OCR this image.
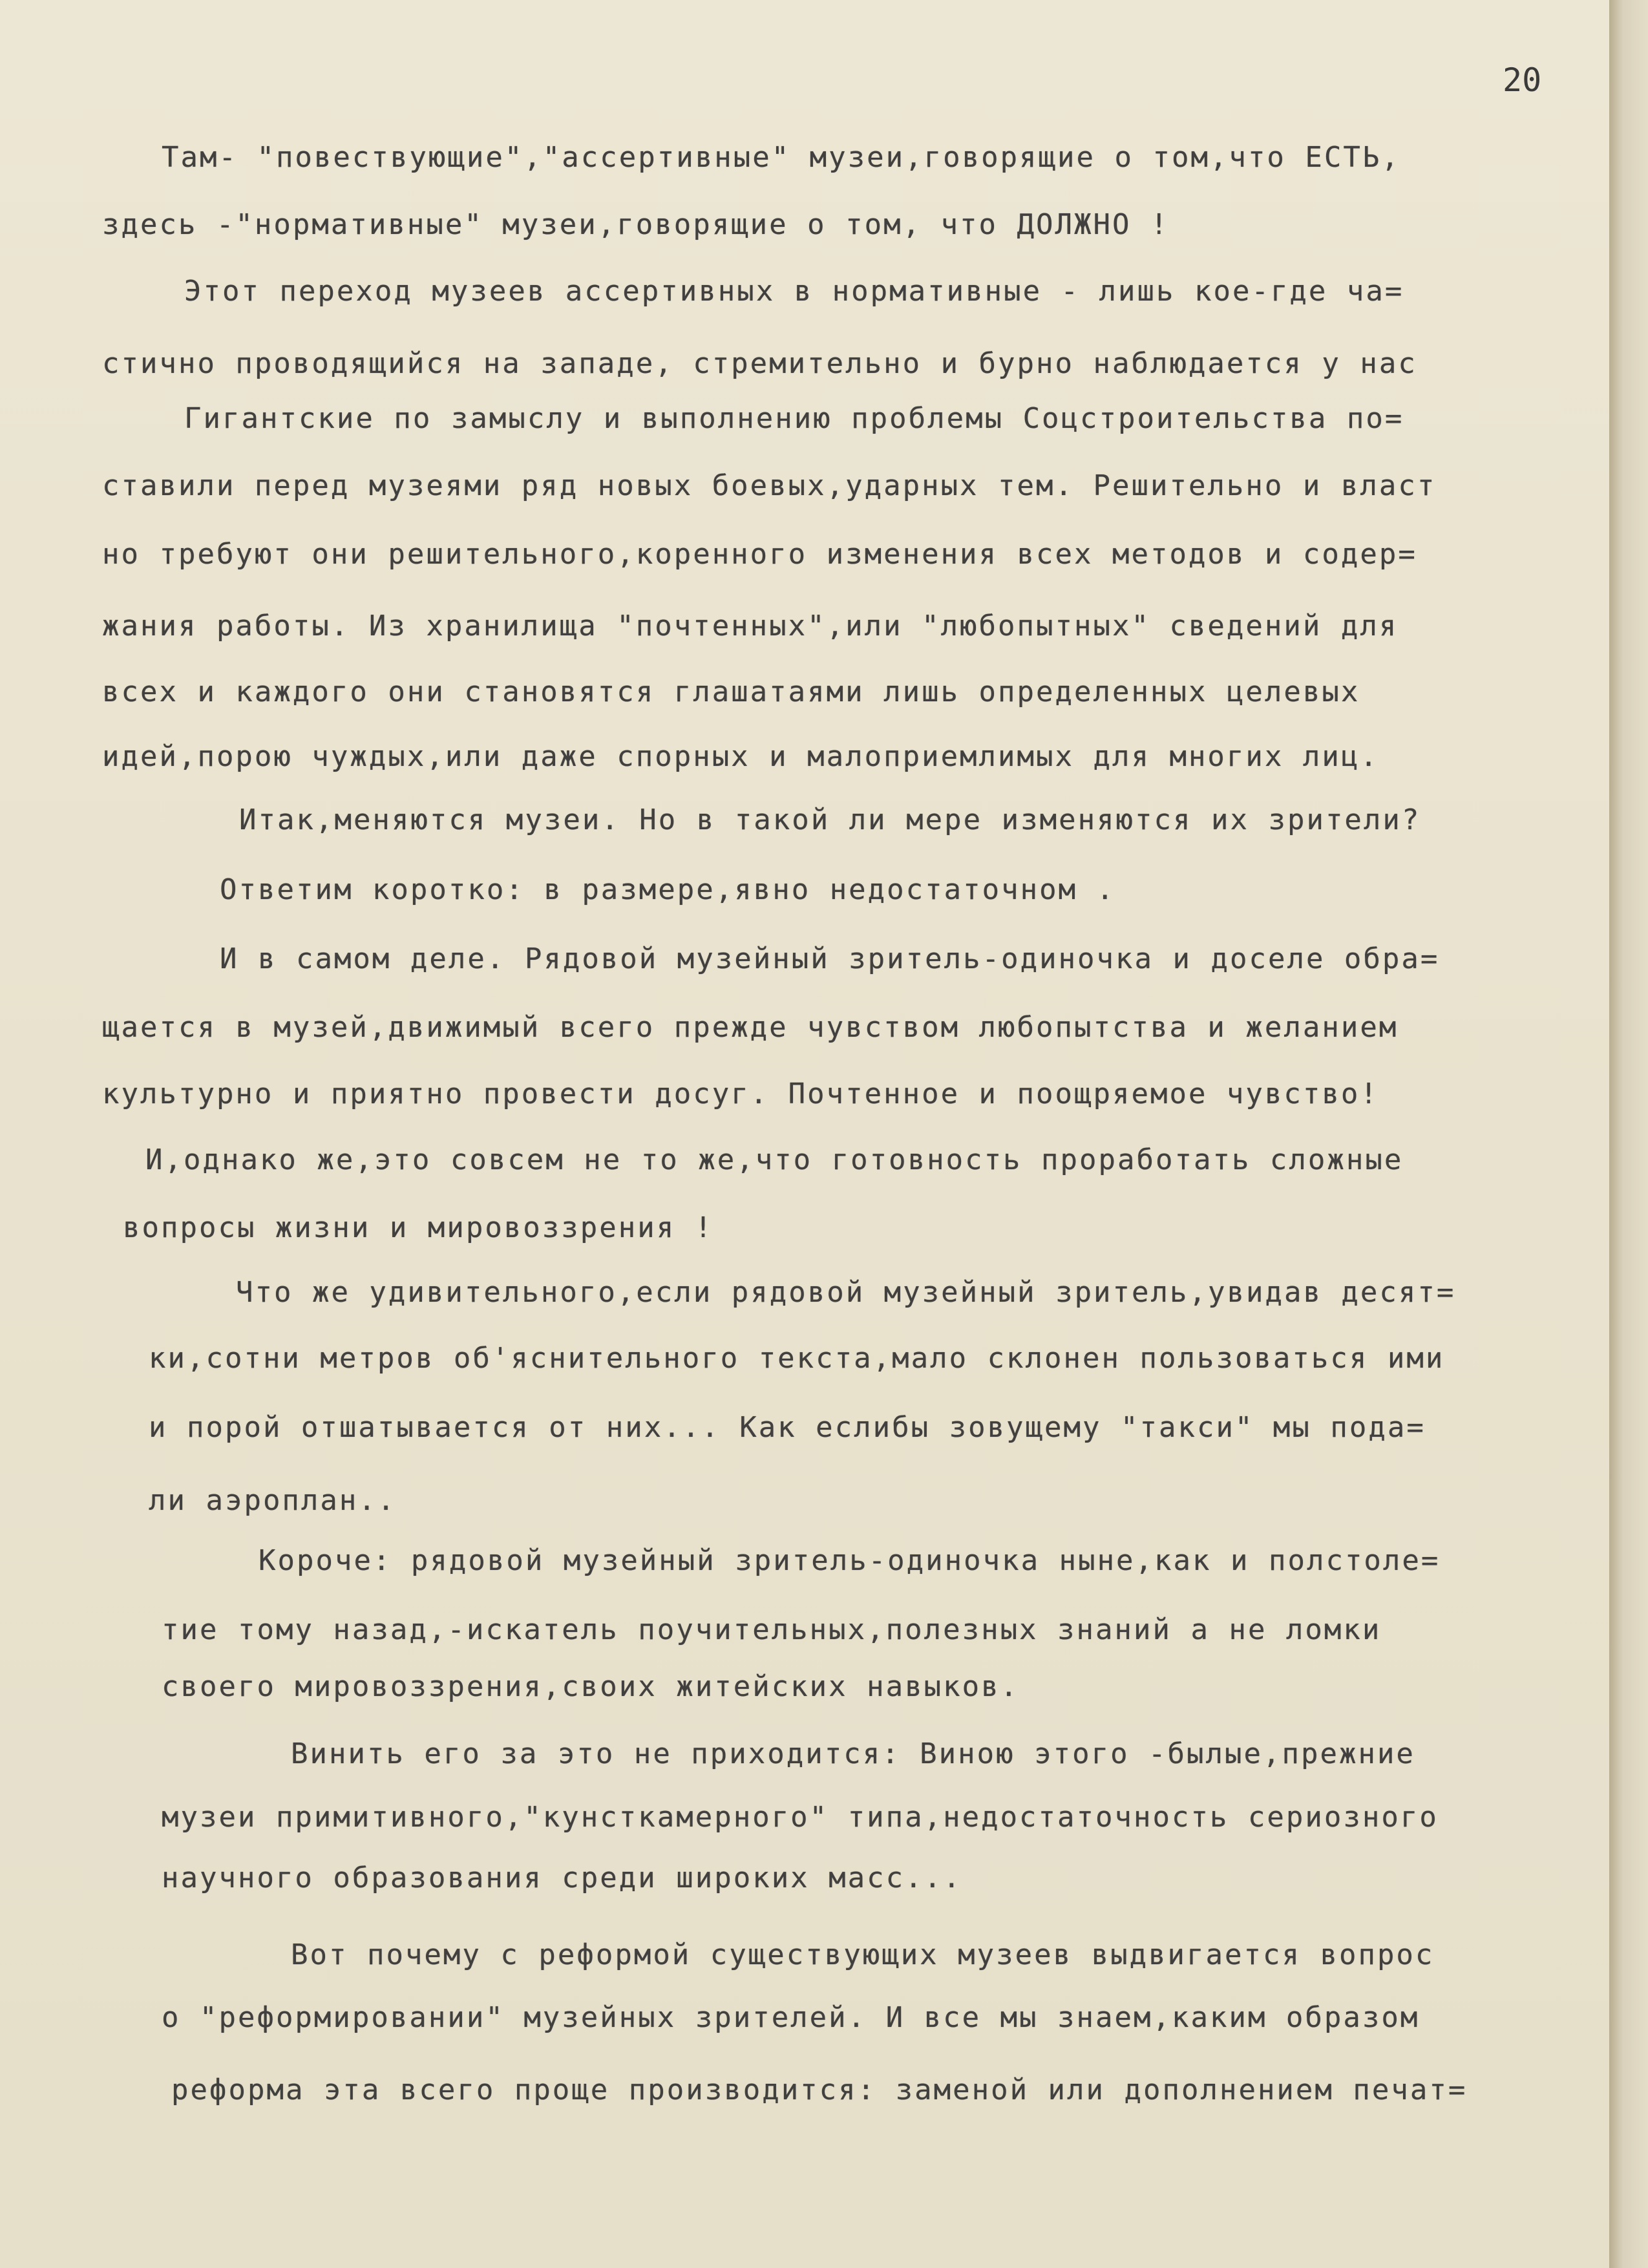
20

Там- "повествующие","ассертивные" музеи,говорящие о том,что ЕСТЬ,

здесь -"нормативные" музеи,говорящие о том, что ДОЛЖНО !

Этот переход музеев ассертивных в нормативные - лишь кое-где ча=

стично проводящийся на западе, стремительно и бурно наблюдается у нас

Гигантские по замыслу и выполнению проблемы Соцстроительства по=

ставили перед музеями ряд новых боевых,ударных тем. Решительно и власт

но требуют они решительного,коренного изменения всех методов и содер=

жания работы. Из хранилища "почтенных",или "любопытных" сведений для

всех и каждого они становятся глашатаями лишь определенных целевых

идей,порою чуждых,или даже спорных и малоприемлимых для многих лиц.

Итак,меняются музеи. Но в такой ли мере изменяются их зрители?

Ответим коротко: в размере,явно недостаточном .

И в самом деле. Рядовой музейный зритель-одиночка и доселе обра=

щается в музей,движимый всего прежде чувством любопытства и желанием

культурно и приятно провести досуг. Почтенное и поощряемое чувство!

И,однако же,это совсем не то же,что готовность проработать сложные

вопросы жизни и мировоззрения !

Что же удивительного,если рядовой музейный зритель,увидав десят=

ки,сотни метров об'яснительного текста,мало склонен пользоваться ими

и порой отшатывается от них... Как еслибы зовущему "такси" мы пода=

ли аэроплан..

Короче: рядовой музейный зритель-одиночка ныне,как и полстоле=

тие тому назад,-искатель поучительных,полезных знаний а не ломки

своего мировоззрения,своих житейских навыков.

Винить его за это не приходится: Виною этого -былые,прежние

музеи примитивного,"кунсткамерного" типа,недостаточность сериозного

научного образования среди широких масс...

Вот почему с реформой существующих музеев выдвигается вопрос

о "реформировании" музейных зрителей. И все мы знаем,каким образом

реформа эта всего проще производится: заменой или дополнением печат=
